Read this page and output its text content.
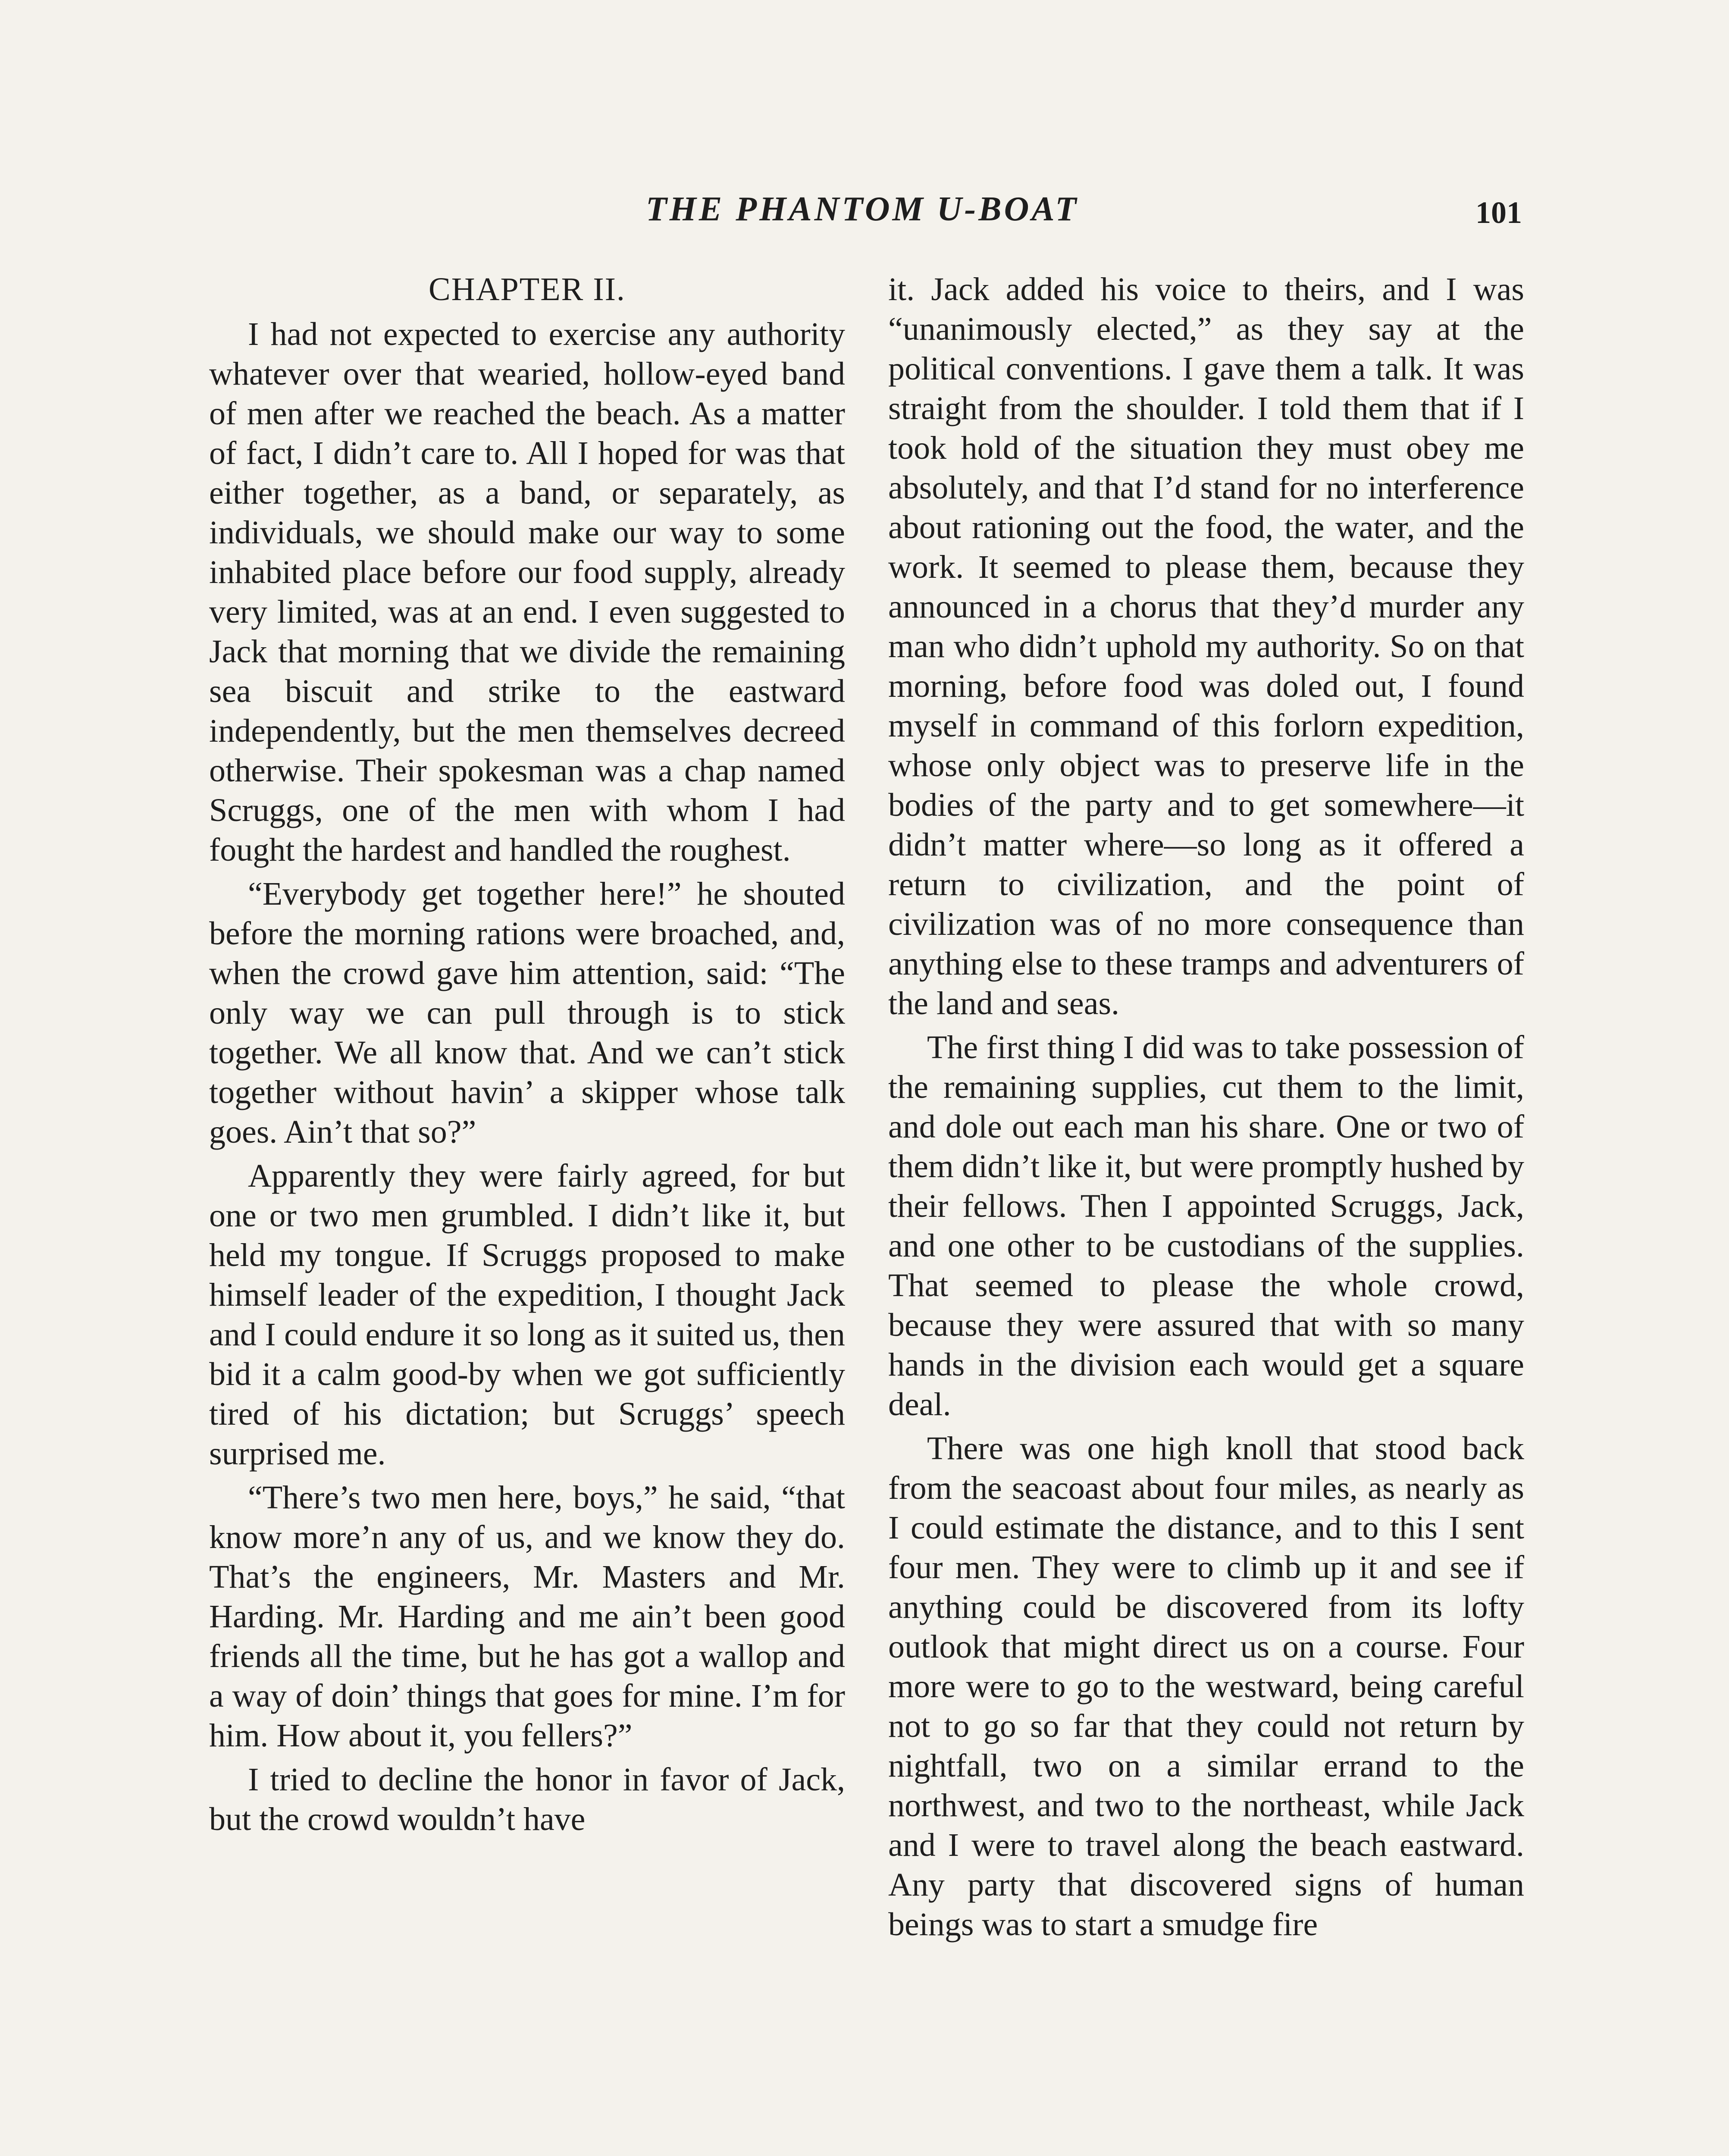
THE PHANTOM U-BOAT	101
CHAPTER II.

I had not expected to exercise any authority whatever over that wearied, hollow-eyed band of men after we reached the beach. As a matter of fact, I didn’t care to. All I hoped for was that either together, as a band, or separately, as individuals, we should make our way to some inhabited place before our food supply, already very limited, was at an end. I even suggested to Jack that morning that we divide the remaining sea biscuit and strike to the eastward independently, but the men themselves decreed otherwise. Their spokesman was a chap named Scruggs, one of the men with whom I had fought the hardest and handled the roughest.

“Everybody get together here!” he shouted before the morning rations were broached, and, when the crowd gave him attention, said: “The only way we can pull through is to stick together. We all know that. And we can’t stick together without havin’ a skipper whose talk goes. Ain’t that so?”

Apparently they were fairly agreed, for but one or two men grumbled. I didn’t like it, but held my tongue. If Scruggs proposed to make himself leader of the expedition, I thought Jack and I could endure it so long as it suited us, then bid it a calm good-by when we got sufficiently tired of his dictation; but Scruggs’ speech surprised me.

“There’s two men here, boys,” he said, “that know more’n any of us, and we know they do. That’s the engineers, Mr. Masters and Mr. Harding. Mr. Harding and me ain’t been good friends all the time, but he has got a wallop and a way of doin’ things that goes for mine. I’m for him. How about it, you fellers?”

I tried to decline the honor in favor of Jack, but the crowd wouldn’t have

it. Jack added his voice to theirs, and I was “unanimously elected,” as they say at the political conventions. I gave them a talk. It was straight from the shoulder. I told them that if I took hold of the situation they must obey me absolutely, and that I’d stand for no interference about rationing out the food, the water, and the work. It seemed to please them, because they announced in a chorus that they’d murder any man who didn’t uphold my authority. So on that morning, before food was doled out, I found myself in command of this forlorn expedition, whose only object was to preserve life in the bodies of the party and to get somewhere—it didn’t matter where—so long as it offered a return to civilization, and the point of civilization was of no more consequence than anything else to these tramps and adventurers of the land and seas.

The first thing I did was to take possession of the remaining supplies, cut them to the limit, and dole out each man his share. One or two of them didn’t like it, but were promptly hushed by their fellows. Then I appointed Scruggs, Jack, and one other to be custodians of the supplies. That seemed to please the whole crowd, because they were assured that with so many hands in the division each would get a square deal.

There was one high knoll that stood back from the seacoast about four miles, as nearly as I could estimate the distance, and to this I sent four men. They were to climb up it and see if anything could be discovered from its lofty outlook that might direct us on a course. Four more were to go to the westward, being careful not to go so far that they could not return by nightfall, two on a similar errand to the northwest, and two to the northeast, while Jack and I were to travel along the beach eastward. Any party that discovered signs of human beings was to start a smudge fire
